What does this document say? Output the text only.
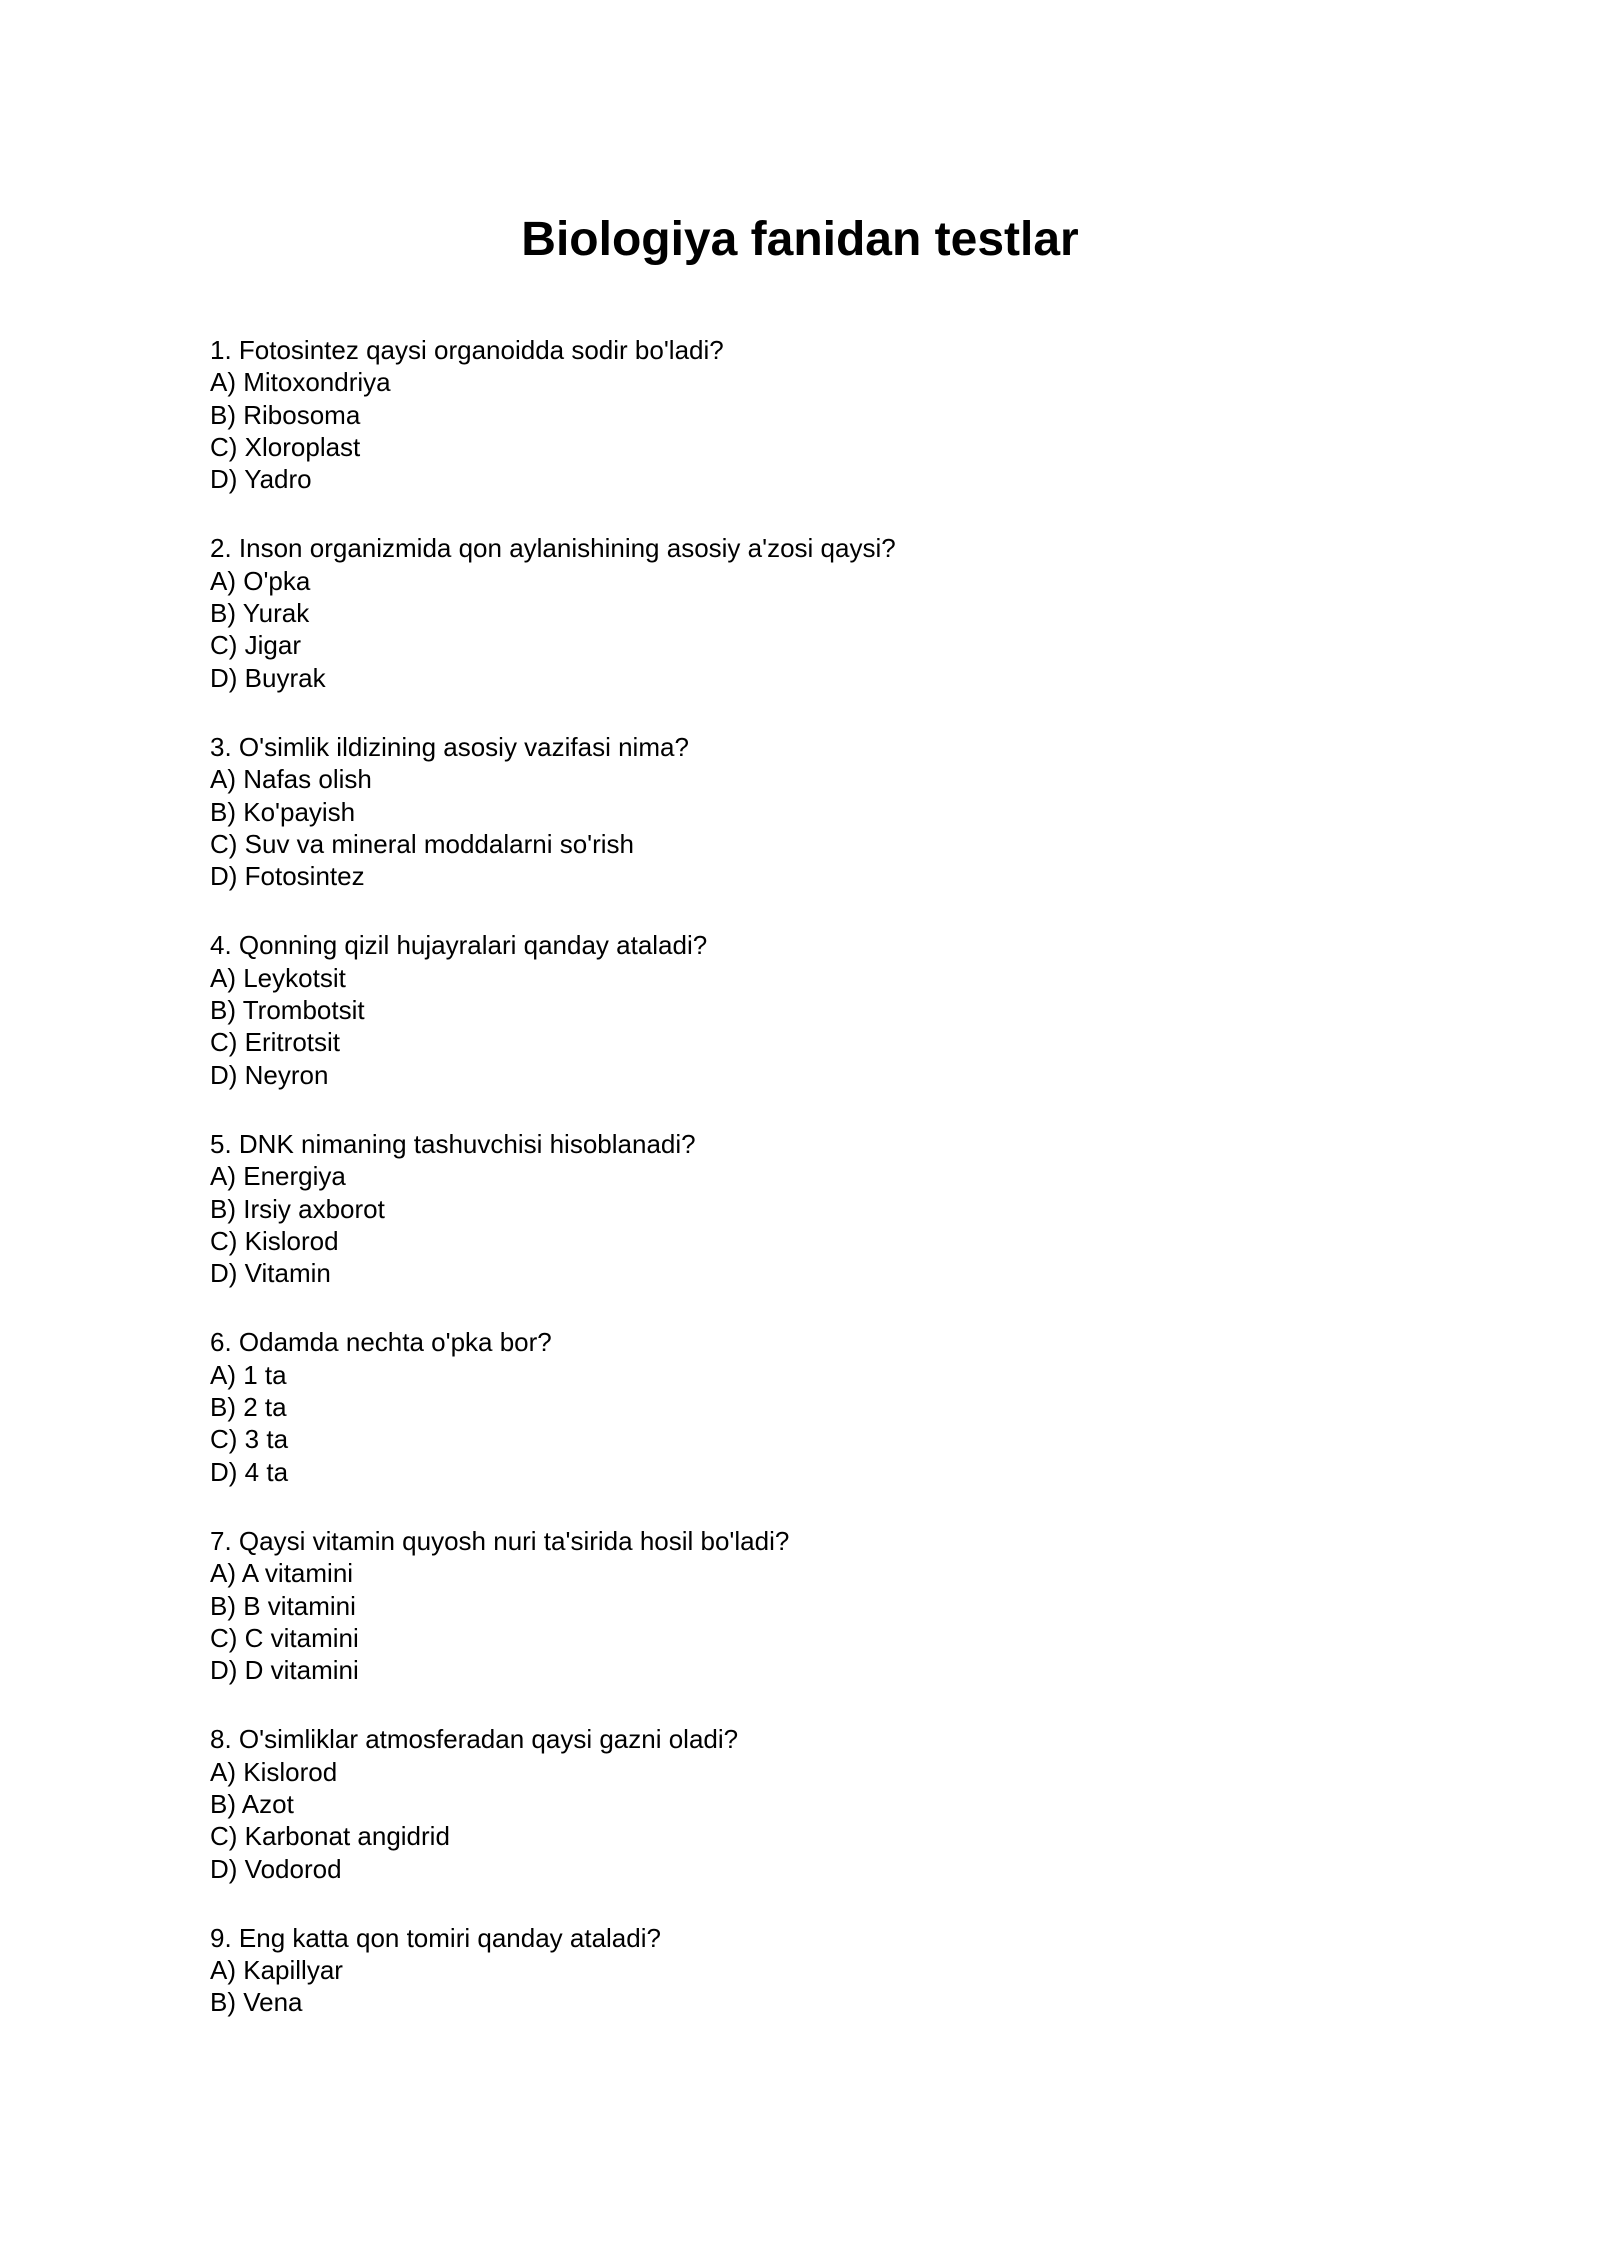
Biologiya fanidan testlar
1. Fotosintez qaysi organoidda sodir bo'ladi?
A) Mitoxondriya
B) Ribosoma
C) Xloroplast
D) Yadro
2. Inson organizmida qon aylanishining asosiy a'zosi qaysi?
A) O'pka
B) Yurak
C) Jigar
D) Buyrak
3. O'simlik ildizining asosiy vazifasi nima?
A) Nafas olish
B) Ko'payish
C) Suv va mineral moddalarni so'rish
D) Fotosintez
4. Qonning qizil hujayralari qanday ataladi?
A) Leykotsit
B) Trombotsit
C) Eritrotsit
D) Neyron
5. DNK nimaning tashuvchisi hisoblanadi?
A) Energiya
B) Irsiy axborot
C) Kislorod
D) Vitamin
6. Odamda nechta o'pka bor?
A) 1 ta
B) 2 ta
C) 3 ta
D) 4 ta
7. Qaysi vitamin quyosh nuri ta'sirida hosil bo'ladi?
A) A vitamini
B) B vitamini
C) C vitamini
D) D vitamini
8. O'simliklar atmosferadan qaysi gazni oladi?
A) Kislorod
B) Azot
C) Karbonat angidrid
D) Vodorod
9. Eng katta qon tomiri qanday ataladi?
A) Kapillyar
B) Vena
